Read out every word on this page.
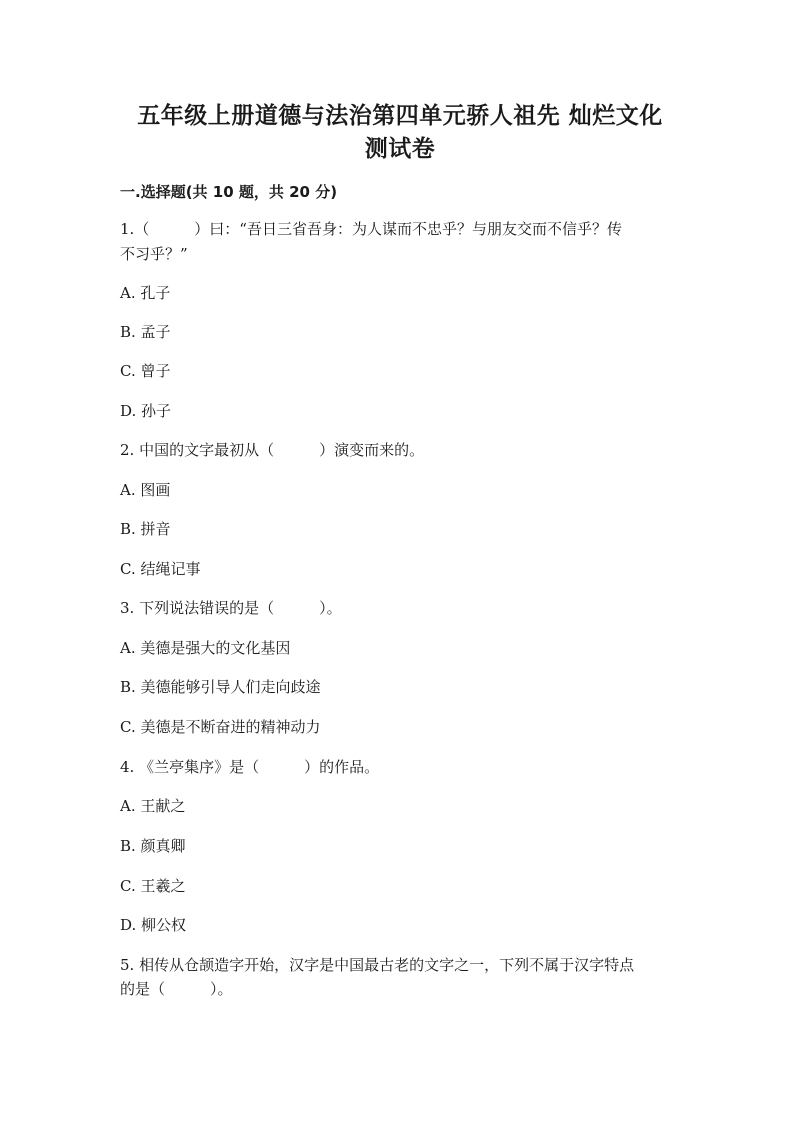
五年级上册道德与法治第四单元骄人祖先 灿烂文化
测试卷
一.选择题(共 10 题，共 20 分)
1.（　　　）曰：“吾日三省吾身：为人谋而不忠乎？与朋友交而不信乎？传
不习乎？”
A. 孔子
B. 孟子
C. 曾子
D. 孙子
2. 中国的文字最初从（　　　）演变而来的。
A. 图画
B. 拼音
C. 结绳记事
3. 下列说法错误的是（　　　）。
A. 美德是强大的文化基因
B. 美德能够引导人们走向歧途
C. 美德是不断奋进的精神动力
4. 《兰亭集序》是（　　　）的作品。
A. 王献之
B. 颜真卿
C. 王羲之
D. 柳公权
5. 相传从仓颉造字开始，汉字是中国最古老的文字之一，下列不属于汉字特点
的是（　　　）。
